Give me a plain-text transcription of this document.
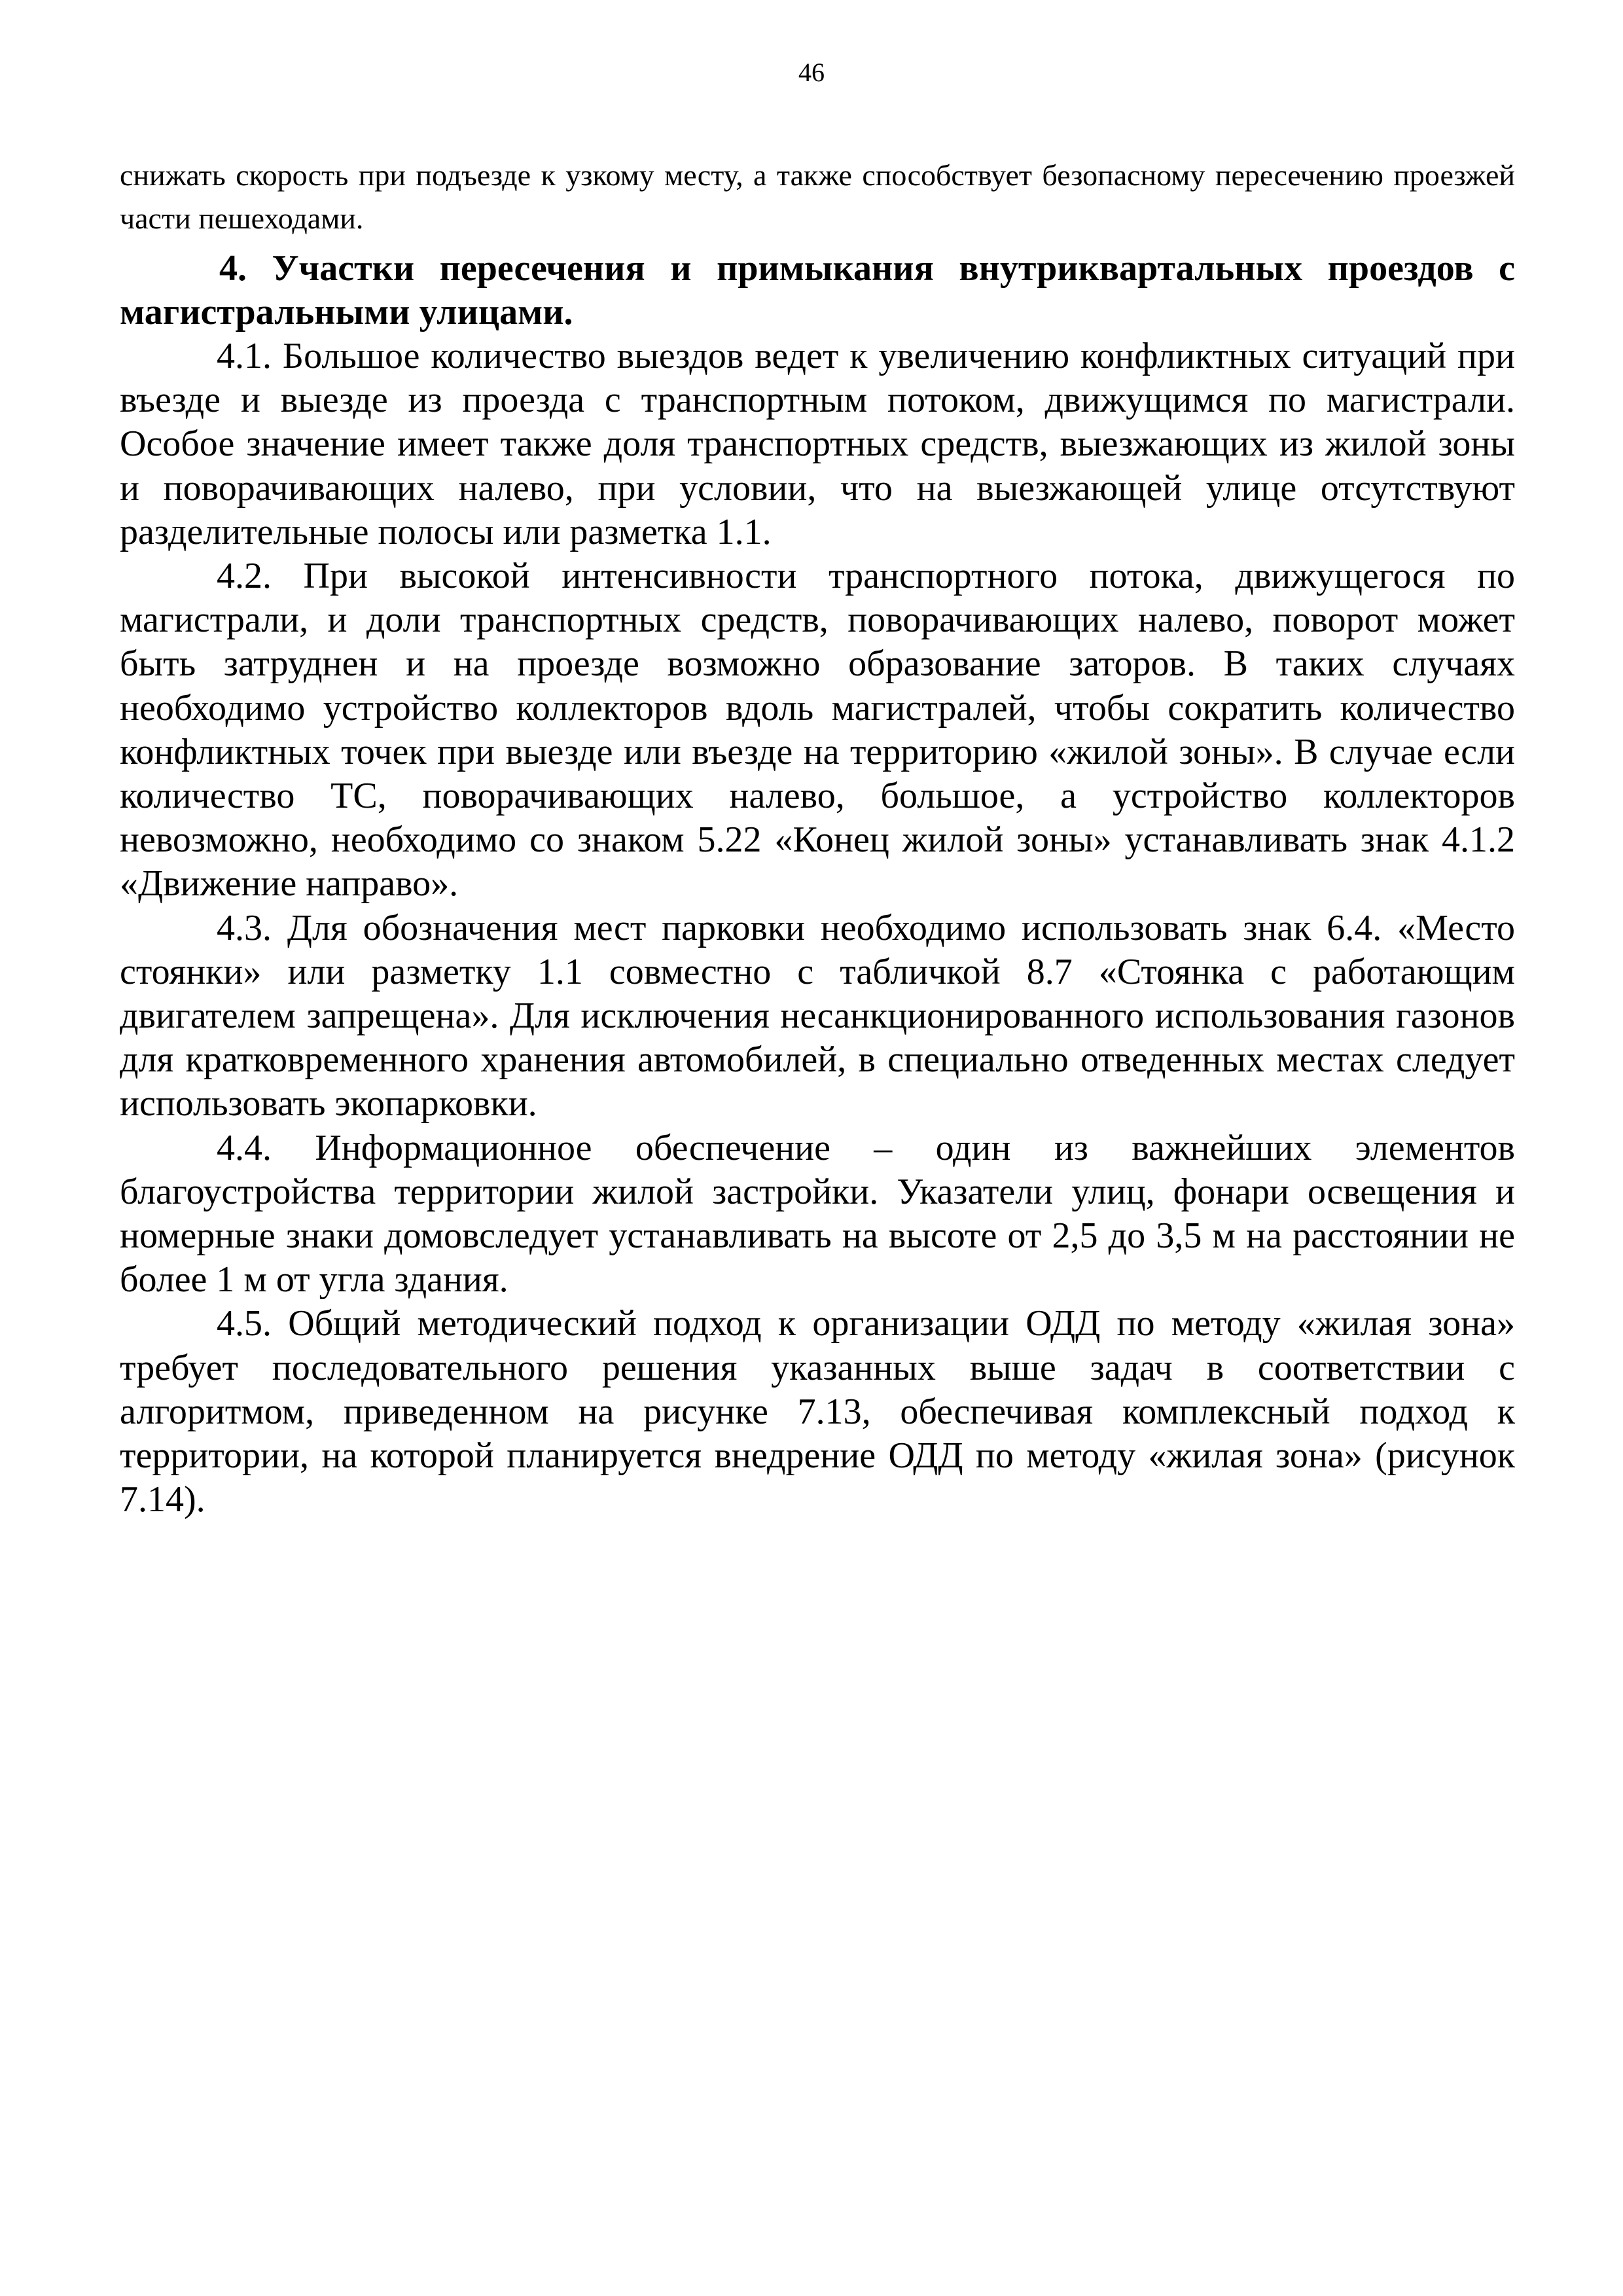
46

снижать скорость при подъезде к узкому месту, а также способствует безопасному пересечению проезжей части пешеходами.

4. Участки пересечения и примыкания внутриквартальных проездов с магистральными улицами.

4.1. Большое количество выездов ведет к увеличению конфликтных ситуаций при въезде и выезде из проезда с транспортным потоком, движущимся по магистрали. Особое значение имеет также доля транспортных средств, выезжающих из жилой зоны и поворачивающих налево, при условии, что на выезжающей улице отсутствуют разделительные полосы или разметка 1.1.

4.2. При высокой интенсивности транспортного потока, движущегося по магистрали, и доли транспортных средств, поворачивающих налево, поворот может быть затруднен и на проезде возможно образование заторов. В таких случаях необходимо устройство коллекторов вдоль магистралей, чтобы сократить количество конфликтных точек при выезде или въезде на территорию «жилой зоны». В случае если количество ТС, поворачивающих налево, большое, а устройство коллекторов невозможно, необходимо со знаком 5.22 «Конец жилой зоны» устанавливать знак 4.1.2 «Движение направо».

4.3. Для обозначения мест парковки необходимо использовать знак 6.4. «Место стоянки» или разметку 1.1 совместно с табличкой 8.7 «Стоянка с работающим двигателем запрещена». Для исключения несанкционированного использования газонов для кратковременного хранения автомобилей, в специально отведенных местах следует использовать экопарковки.

4.4. Информационное обеспечение – один из важнейших элементов благоустройства территории жилой застройки. Указатели улиц, фонари освещения и номерные знаки домовследует устанавливать на высоте от 2,5 до 3,5 м на расстоянии не более 1 м от угла здания.

4.5. Общий методический подход к организации ОДД по методу «жилая зона» требует последовательного решения указанных выше задач в соответствии с алгоритмом, приведенном на рисунке 7.13, обеспечивая комплексный подход к территории, на которой планируется внедрение ОДД по методу «жилая зона» (рисунок 7.14).
